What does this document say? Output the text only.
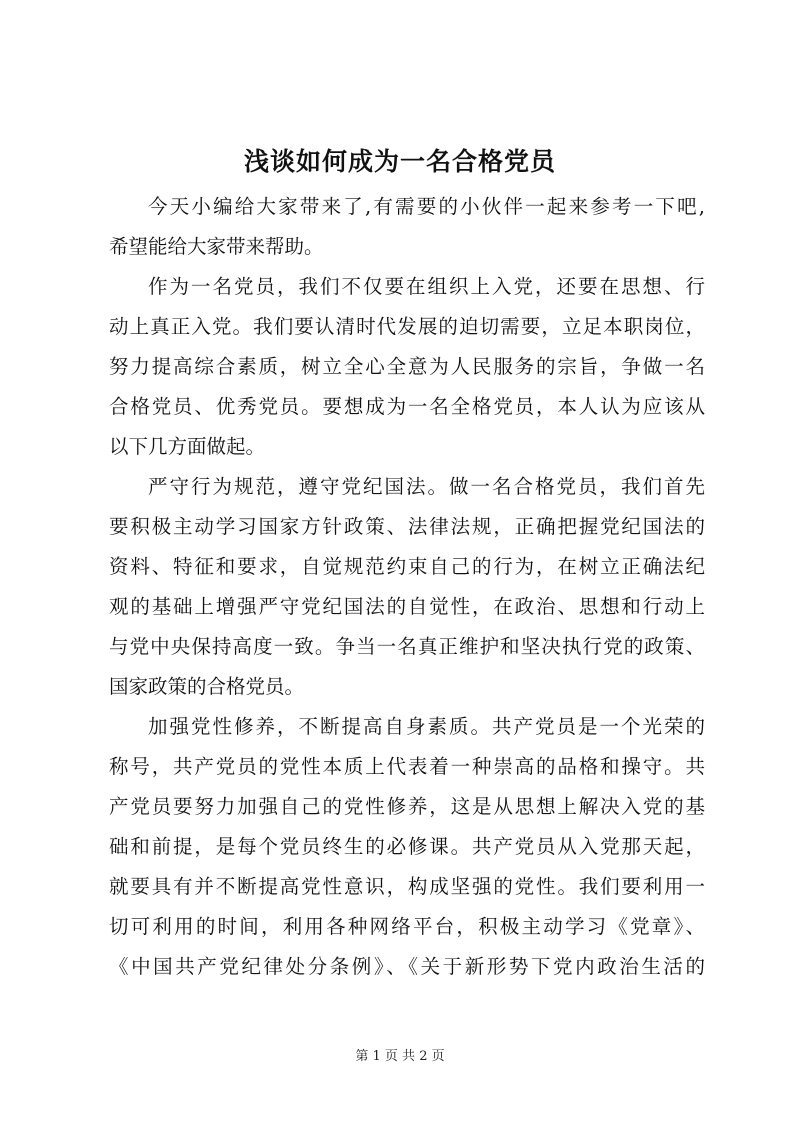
浅谈如何成为一名合格党员
今天小编给大家带来了,有需要的小伙伴一起来参考一下吧,
希望能给大家带来帮助。
作为一名党员，我们不仅要在组织上入党，还要在思想、行
动上真正入党。我们要认清时代发展的迫切需要，立足本职岗位，
努力提高综合素质，树立全心全意为人民服务的宗旨，争做一名
合格党员、优秀党员。要想成为一名全格党员，本人认为应该从
以下几方面做起。
严守行为规范，遵守党纪国法。做一名合格党员，我们首先
要积极主动学习国家方针政策、法律法规，正确把握党纪国法的
资料、特征和要求，自觉规范约束自己的行为，在树立正确法纪
观的基础上增强严守党纪国法的自觉性，在政治、思想和行动上
与党中央保持高度一致。争当一名真正维护和坚决执行党的政策、
国家政策的合格党员。
加强党性修养，不断提高自身素质。共产党员是一个光荣的
称号，共产党员的党性本质上代表着一种崇高的品格和操守。共
产党员要努力加强自己的党性修养，这是从思想上解决入党的基
础和前提，是每个党员终生的必修课。共产党员从入党那天起，
就要具有并不断提高党性意识，构成坚强的党性。我们要利用一
切可利用的时间，利用各种网络平台，积极主动学习《党章》、
《中国共产党纪律处分条例》、《关于新形势下党内政治生活的
第 1 页 共 2 页
